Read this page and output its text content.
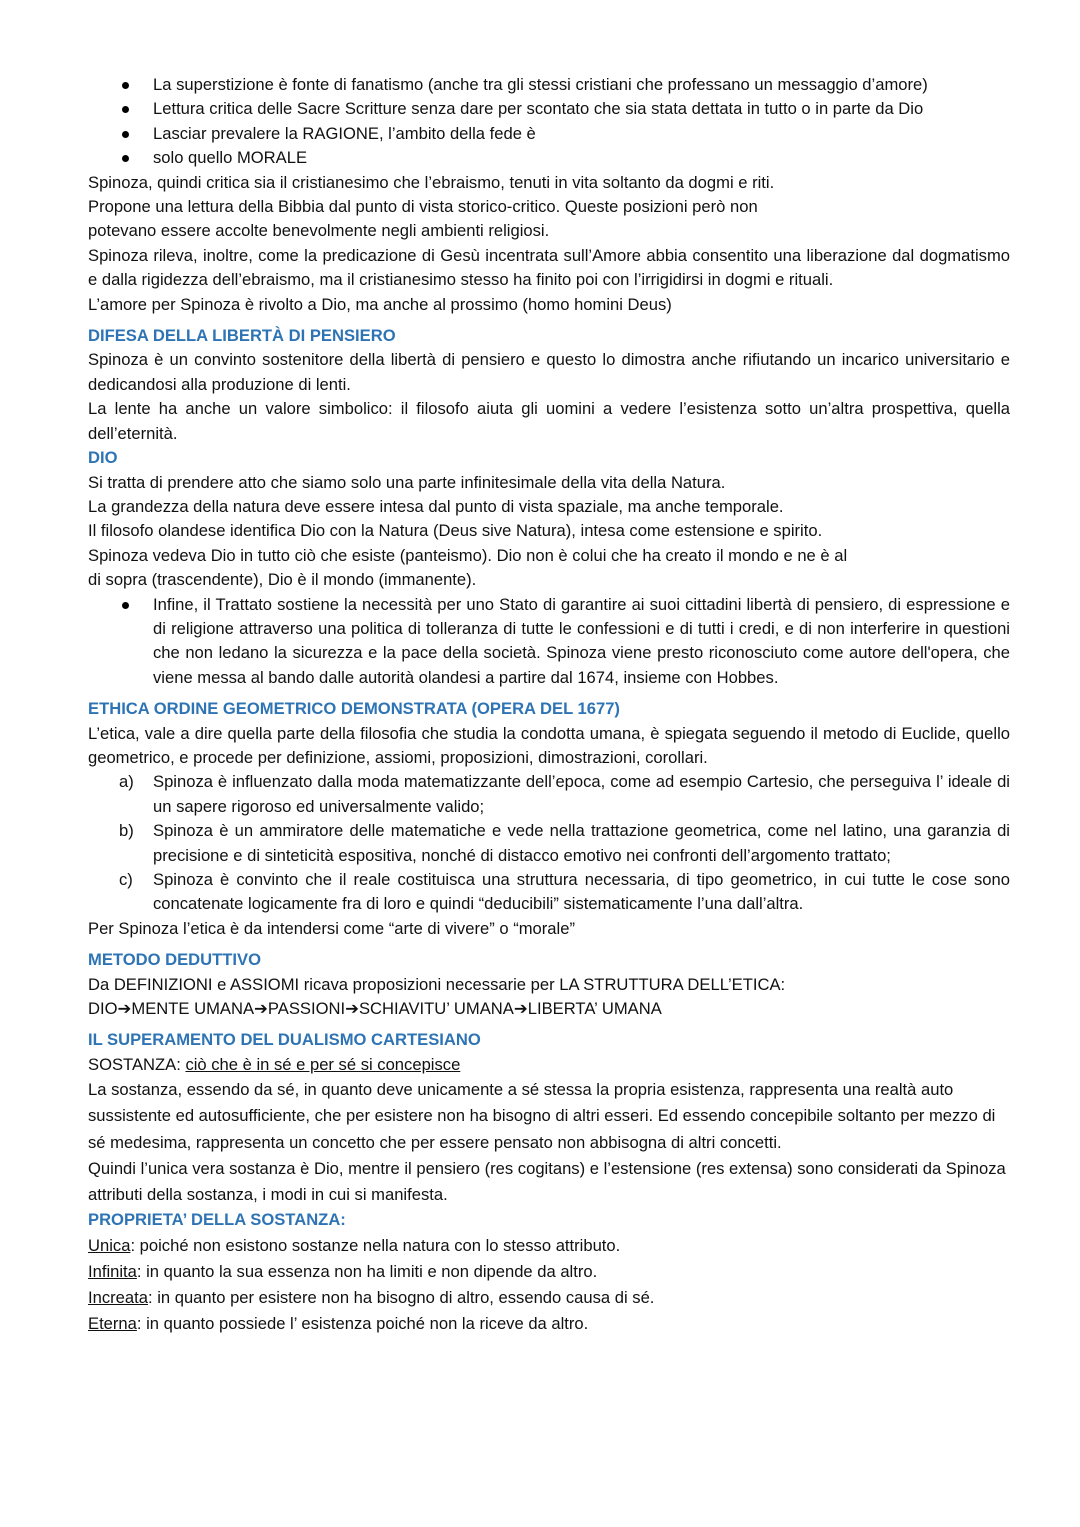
La superstizione è fonte di fanatismo (anche tra gli stessi cristiani che professano un messaggio d’amore)
Lettura critica delle Sacre Scritture senza dare per scontato che sia stata dettata in tutto o in parte da Dio
Lasciar prevalere la RAGIONE, l’ambito della fede è
solo quello MORALE

Spinoza, quindi critica sia il cristianesimo che l’ebraismo, tenuti in vita soltanto da dogmi e riti.

Propone una lettura della Bibbia dal punto di vista storico-critico. Queste posizioni però non

potevano essere accolte benevolmente negli ambienti religiosi.

Spinoza rileva, inoltre, come la predicazione di Gesù incentrata sull’Amore abbia consentito una liberazione dal dogmatismo e dalla rigidezza dell’ebraismo, ma il cristianesimo stesso ha finito poi con l’irrigidirsi in dogmi e rituali.

L’amore per Spinoza è rivolto a Dio, ma anche al prossimo (homo homini Deus)

DIFESA DELLA LIBERTÀ DI PENSIERO

Spinoza è un convinto sostenitore della libertà di pensiero e questo lo dimostra anche rifiutando un incarico universitario e dedicandosi alla produzione di lenti.

La lente ha anche un valore simbolico: il filosofo aiuta gli uomini a vedere l’esistenza sotto un’altra prospettiva, quella dell’eternità.

DIO

Si tratta di prendere atto che siamo solo una parte infinitesimale della vita della Natura.

La grandezza della natura deve essere intesa dal punto di vista spaziale, ma anche temporale.

Il filosofo olandese identifica Dio con la Natura (Deus sive Natura), intesa come estensione e spirito.

Spinoza vedeva Dio in tutto ciò che esiste (panteismo). Dio non è colui che ha creato il mondo e ne è al

di sopra (trascendente), Dio è il mondo (immanente).

Infine, il Trattato sostiene la necessità per uno Stato di garantire ai suoi cittadini libertà di pensiero, di espressione e di religione attraverso una politica di tolleranza di tutte le confessioni e di tutti i credi, e di non interferire in questioni che non ledano la sicurezza e la pace della società. Spinoza viene presto riconosciuto come autore dell'opera, che viene messa al bando dalle autorità olandesi a partire dal 1674, insieme con Hobbes.

ETHICA ORDINE GEOMETRICO DEMONSTRATA (OPERA DEL 1677)

L’etica, vale a dire quella parte della filosofia che studia la condotta umana, è spiegata seguendo il metodo di Euclide, quello geometrico, e procede per definizione, assiomi, proposizioni, dimostrazioni, corollari.

a) Spinoza è influenzato dalla moda matematizzante dell’epoca, come ad esempio Cartesio, che perseguiva l’ ideale di un sapere rigoroso ed universalmente valido;
b) Spinoza è un ammiratore delle matematiche e vede nella trattazione geometrica, come nel latino, una garanzia di precisione e di sinteticità espositiva, nonché di distacco emotivo nei confronti dell’argomento trattato;
c) Spinoza è convinto che il reale costituisca una struttura necessaria, di tipo geometrico, in cui tutte le cose sono concatenate logicamente fra di loro e quindi “deducibili” sistematicamente l’una dall’altra.

Per Spinoza l’etica è da intendersi come “arte di vivere” o “morale”

METODO DEDUTTIVO

Da DEFINIZIONI e ASSIOMI ricava proposizioni necessarie per LA STRUTTURA DELL’ETICA:

DIO➔MENTE UMANA➔PASSIONI➔SCHIAVITU’ UMANA➔LIBERTA’ UMANA

IL SUPERAMENTO DEL DUALISMO CARTESIANO

SOSTANZA: ciò che è in sé e per sé si concepisce

La sostanza, essendo da sé, in quanto deve unicamente a sé stessa la propria esistenza, rappresenta una realtà auto sussistente ed autosufficiente, che per esistere non ha bisogno di altri esseri. Ed essendo concepibile soltanto per mezzo di sé medesima, rappresenta un concetto che per essere pensato non abbisogna di altri concetti.

Quindi l’unica vera sostanza è Dio, mentre il pensiero (res cogitans) e l’estensione (res extensa) sono considerati da Spinoza attributi della sostanza, i modi in cui si manifesta.

PROPRIETA’ DELLA SOSTANZA:

Unica: poiché non esistono sostanze nella natura con lo stesso attributo.

Infinita: in quanto la sua essenza non ha limiti e non dipende da altro.

Increata: in quanto per esistere non ha bisogno di altro, essendo causa di sé.

Eterna: in quanto possiede l’ esistenza poiché non la riceve da altro.
